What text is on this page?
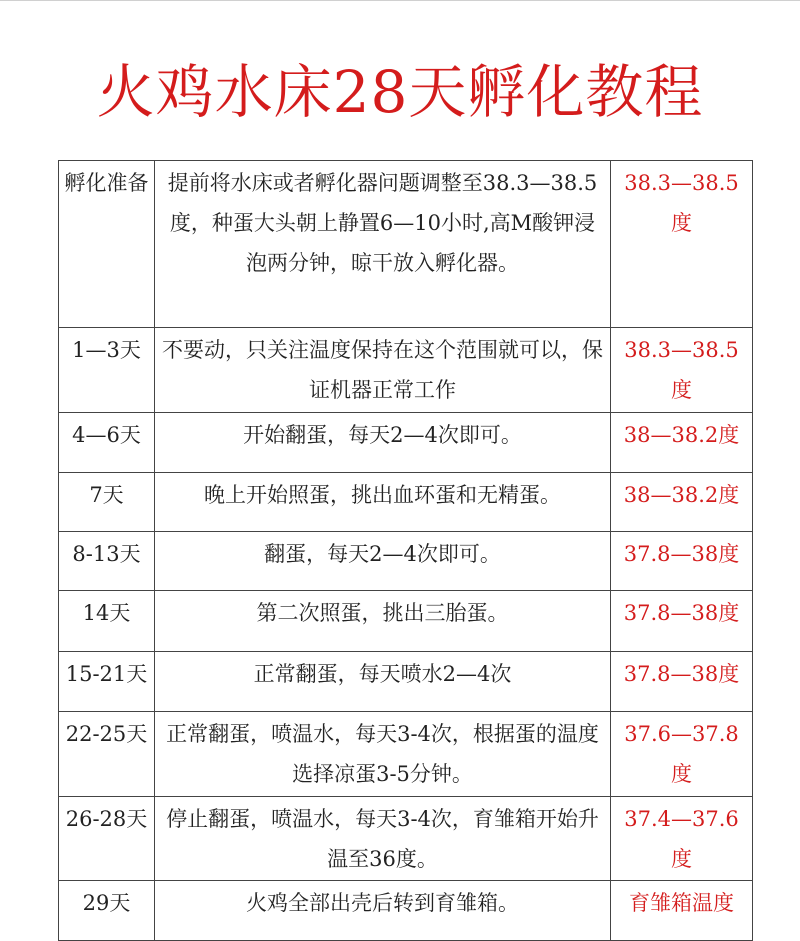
火鸡水床28天孵化教程
孵化准备	提前将水床或者孵化器问题调整至38.3—38.5度，种蛋大头朝上静置6—10小时,高M酸钾浸泡两分钟，晾干放入孵化器。	38.3—38.5度
1—3天	不要动，只关注温度保持在这个范围就可以，保证机器正常工作	38.3—38.5度
4—6天	开始翻蛋，每天2—4次即可。	38—38.2度
7天	晚上开始照蛋，挑出血环蛋和无精蛋。	38—38.2度
8-13天	翻蛋，每天2—4次即可。	37.8—38度
14天	第二次照蛋，挑出三胎蛋。	37.8—38度
15-21天	正常翻蛋，每天喷水2—4次	37.8—38度
22-25天	正常翻蛋，喷温水，每天3-4次，根据蛋的温度选择凉蛋3-5分钟。	37.6—37.8度
26-28天	停止翻蛋，喷温水，每天3-4次，育雏箱开始升温至36度。	37.4—37.6度
29天	火鸡全部出壳后转到育雏箱。	育雏箱温度
